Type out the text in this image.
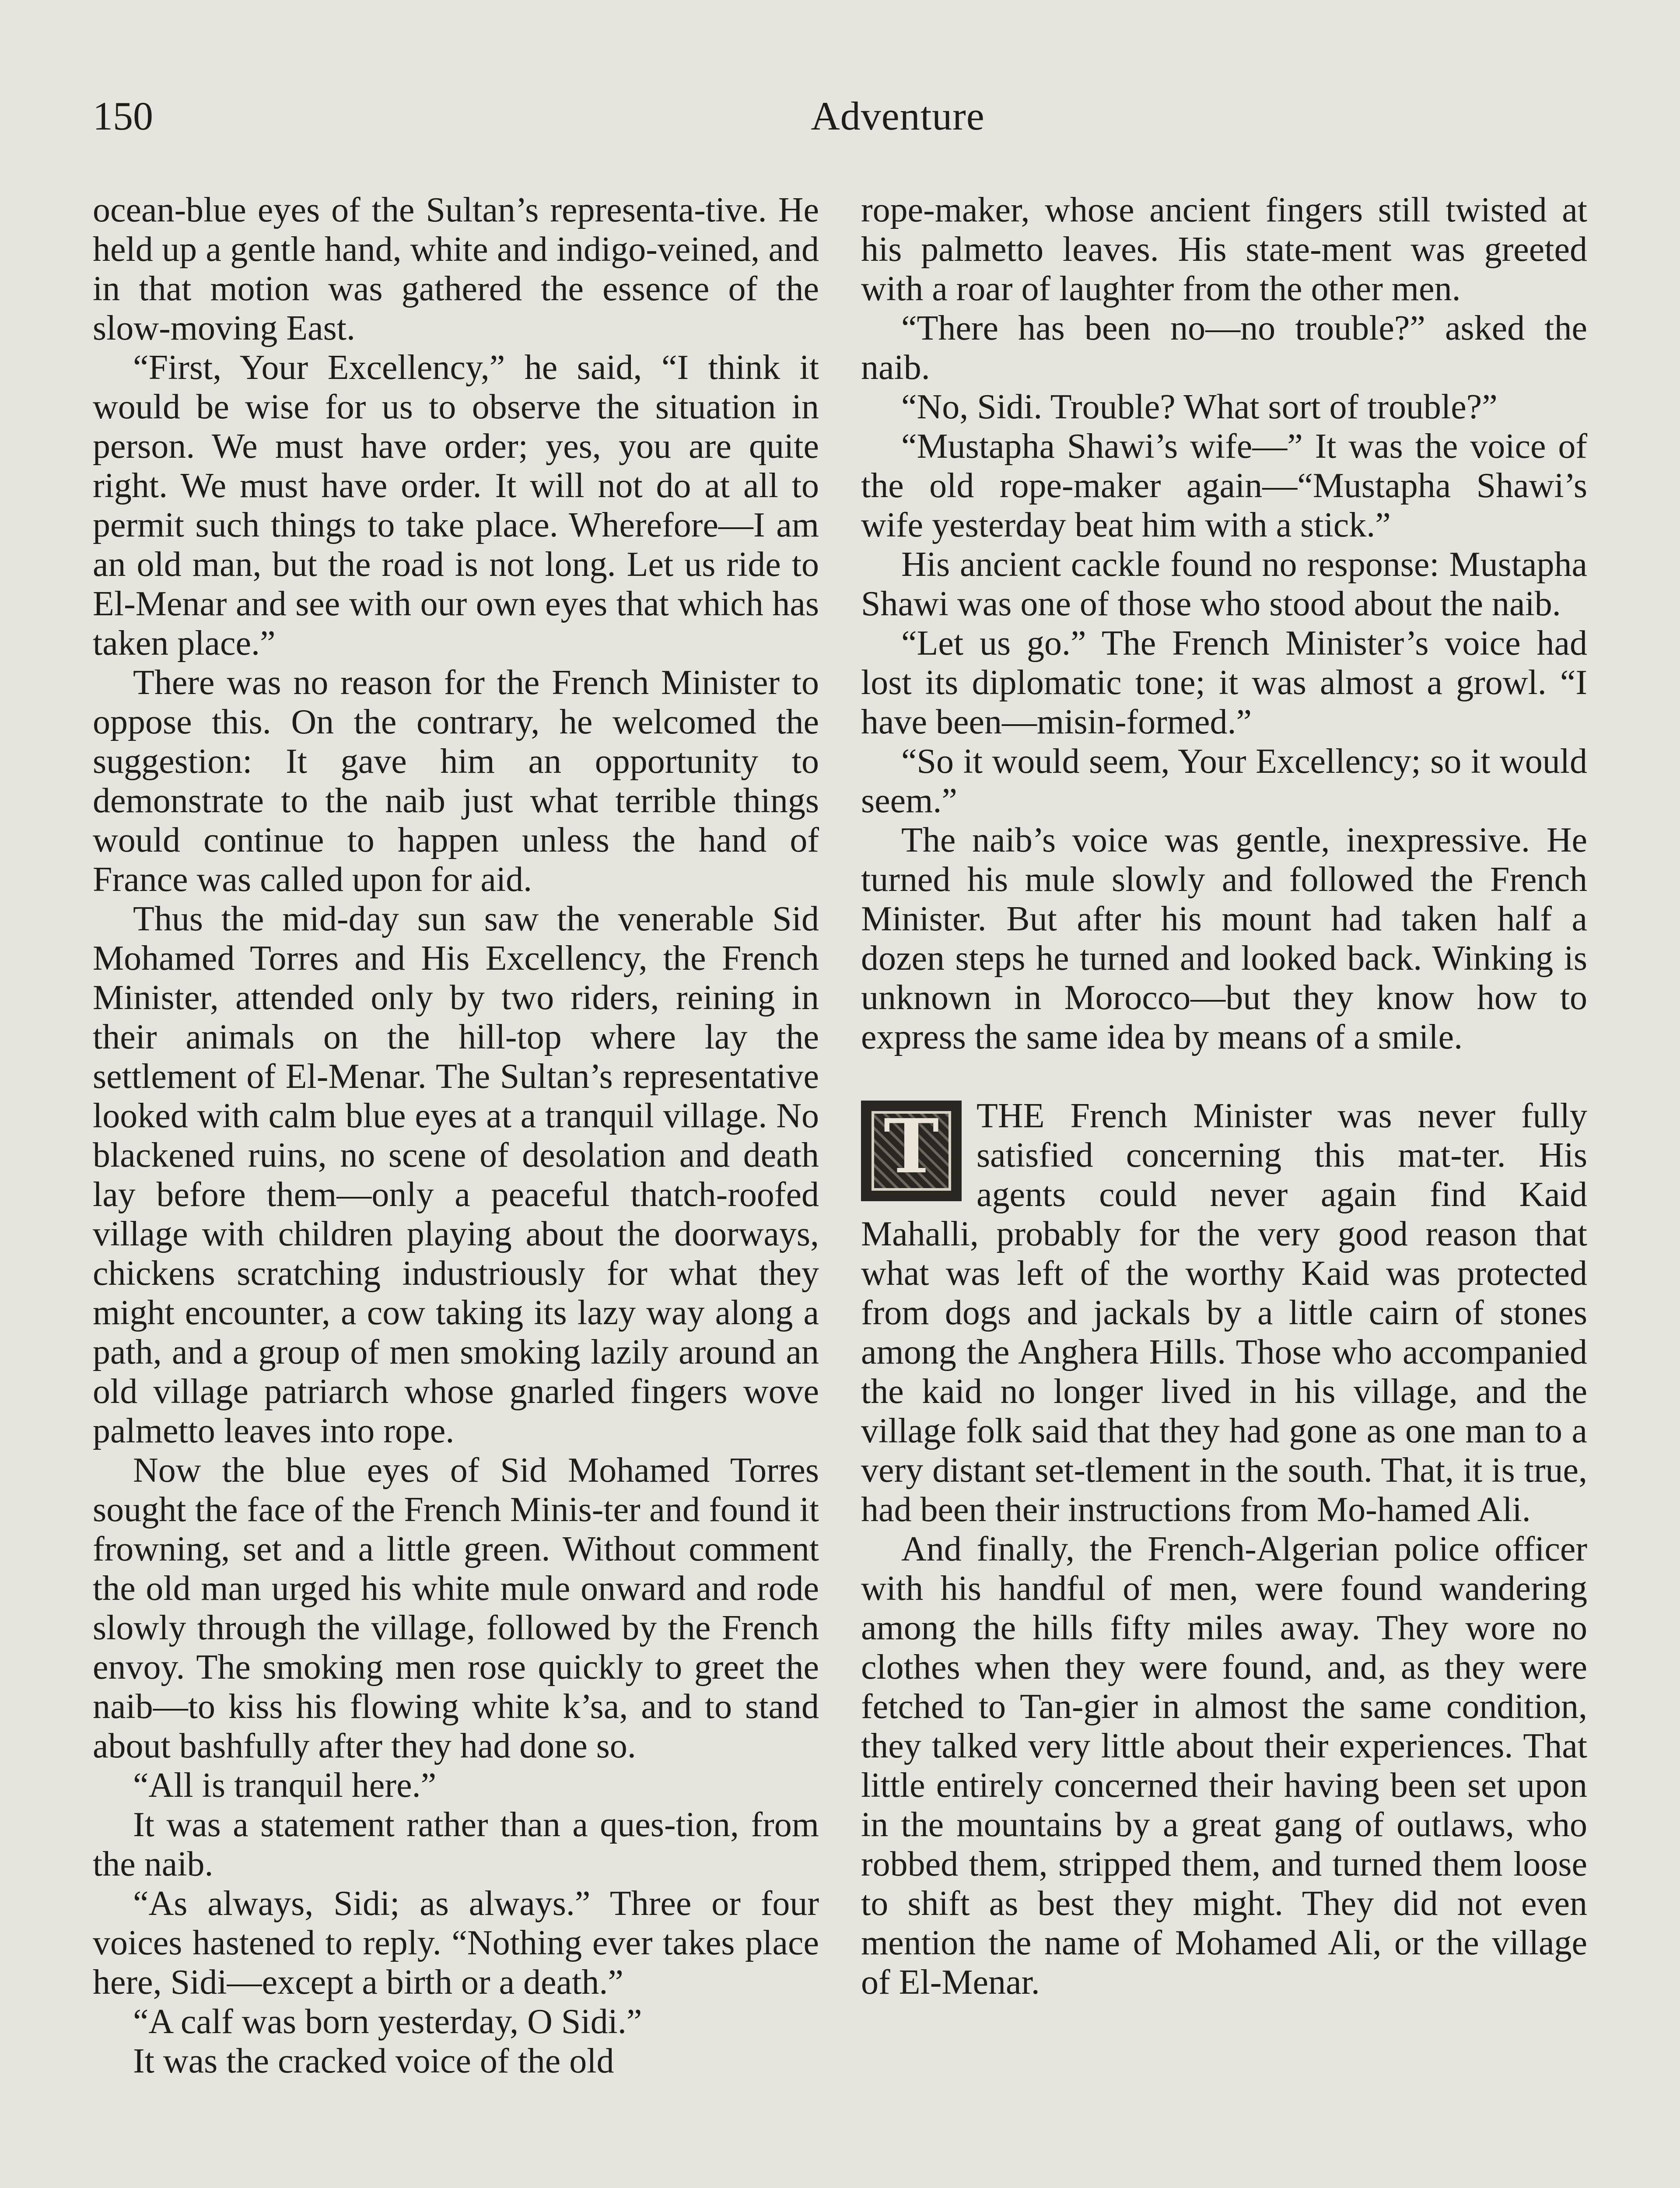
150	Adventure

ocean-blue eyes of the Sultan’s representa-tive. He held up a gentle hand, white and indigo-veined, and in that motion was gathered the essence of the slow-moving East.

“First, Your Excellency,” he said, “I think it would be wise for us to observe the situation in person. We must have order; yes, you are quite right. We must have order. It will not do at all to permit such things to take place. Wherefore—I am an old man, but the road is not long. Let us ride to El-Menar and see with our own eyes that which has taken place.”

There was no reason for the French Minister to oppose this. On the contrary, he welcomed the suggestion: It gave him an opportunity to demonstrate to the naib just what terrible things would continue to happen unless the hand of France was called upon for aid.

Thus the mid-day sun saw the venerable Sid Mohamed Torres and His Excellency, the French Minister, attended only by two riders, reining in their animals on the hill-top where lay the settlement of El-Menar. The Sultan’s representative looked with calm blue eyes at a tranquil village. No blackened ruins, no scene of desolation and death lay before them—only a peaceful thatch-roofed village with children playing about the doorways, chickens scratching industriously for what they might encounter, a cow taking its lazy way along a path, and a group of men smoking lazily around an old village patriarch whose gnarled fingers wove palmetto leaves into rope.

Now the blue eyes of Sid Mohamed Torres sought the face of the French Minis-ter and found it frowning, set and a little green. Without comment the old man urged his white mule onward and rode slowly through the village, followed by the French envoy. The smoking men rose quickly to greet the naib—to kiss his flowing white k’sa, and to stand about bashfully after they had done so.

“All is tranquil here.”

It was a statement rather than a ques-tion, from the naib.

“As always, Sidi; as always.” Three or four voices hastened to reply. “Nothing ever takes place here, Sidi—except a birth or a death.”

“A calf was born yesterday, O Sidi.”

It was the cracked voice of the old

rope-maker, whose ancient fingers still twisted at his palmetto leaves. His state-ment was greeted with a roar of laughter from the other men.

“There has been no—no trouble?” asked the naib.

“No, Sidi. Trouble? What sort of trouble?”

“Mustapha Shawi’s wife—” It was the voice of the old rope-maker again—“Mustapha Shawi’s wife yesterday beat him with a stick.”

His ancient cackle found no response: Mustapha Shawi was one of those who stood about the naib.

“Let us go.” The French Minister’s voice had lost its diplomatic tone; it was almost a growl. “I have been—misin-formed.”

“So it would seem, Your Excellency; so it would seem.”

The naib’s voice was gentle, inexpressive. He turned his mule slowly and followed the French Minister. But after his mount had taken half a dozen steps he turned and looked back. Winking is unknown in Morocco—but they know how to express the same idea by means of a smile.

T	THE French Minister was never fully satisfied concerning this mat-ter. His agents could never again find Kaid Mahalli, probably for the very good reason that what was left of the worthy Kaid was protected from dogs and jackals by a little cairn of stones among the Anghera Hills. Those who accompanied the kaid no longer lived in his village, and the village folk said that they had gone as one man to a very distant set-tlement in the south. That, it is true, had been their instructions from Mo-hamed Ali.

And finally, the French-Algerian police officer with his handful of men, were found wandering among the hills fifty miles away. They wore no clothes when they were found, and, as they were fetched to Tan-gier in almost the same condition, they talked very little about their experiences. That little entirely concerned their having been set upon in the mountains by a great gang of outlaws, who robbed them, stripped them, and turned them loose to shift as best they might. They did not even mention the name of Mohamed Ali, or the village of El-Menar.
